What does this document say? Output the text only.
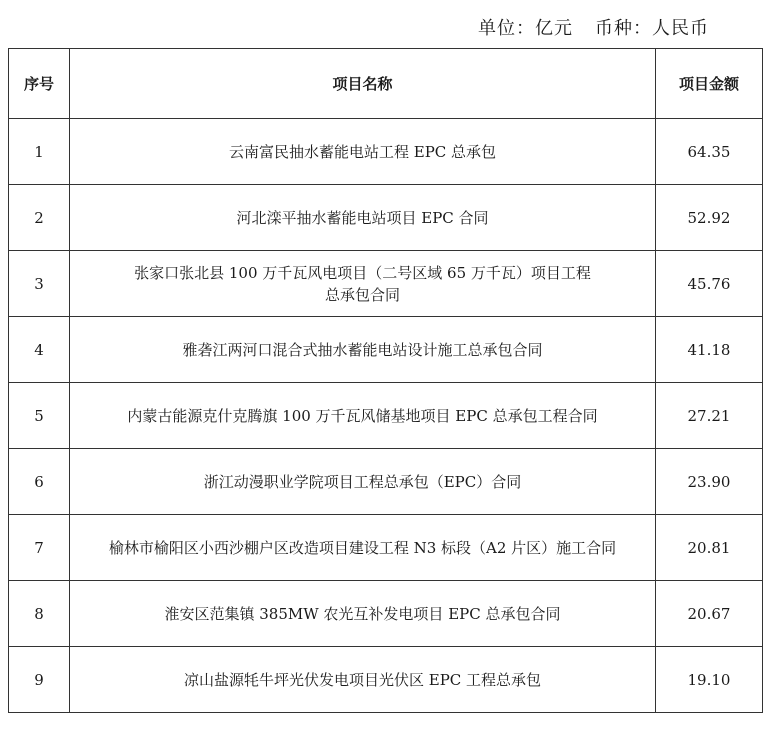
单位：亿元 币种：人民币
序号	项目名称	项目金额
1	云南富民抽水蓄能电站工程 EPC 总承包	64.35
2	河北滦平抽水蓄能电站项目 EPC 合同	52.92
3	张家口张北县 100 万千瓦风电项目（二号区域 65 万千瓦）项目工程
总承包合同	45.76
4	雅砻江两河口混合式抽水蓄能电站设计施工总承包合同	41.18
5	内蒙古能源克什克腾旗 100 万千瓦风储基地项目 EPC 总承包工程合同	27.21
6	浙江动漫职业学院项目工程总承包（EPC）合同	23.90
7	榆林市榆阳区小西沙棚户区改造项目建设工程 N3 标段（A2 片区）施工合同	20.81
8	淮安区范集镇 385MW 农光互补发电项目 EPC 总承包合同	20.67
9	凉山盐源牦牛坪光伏发电项目光伏区 EPC 工程总承包	19.10
